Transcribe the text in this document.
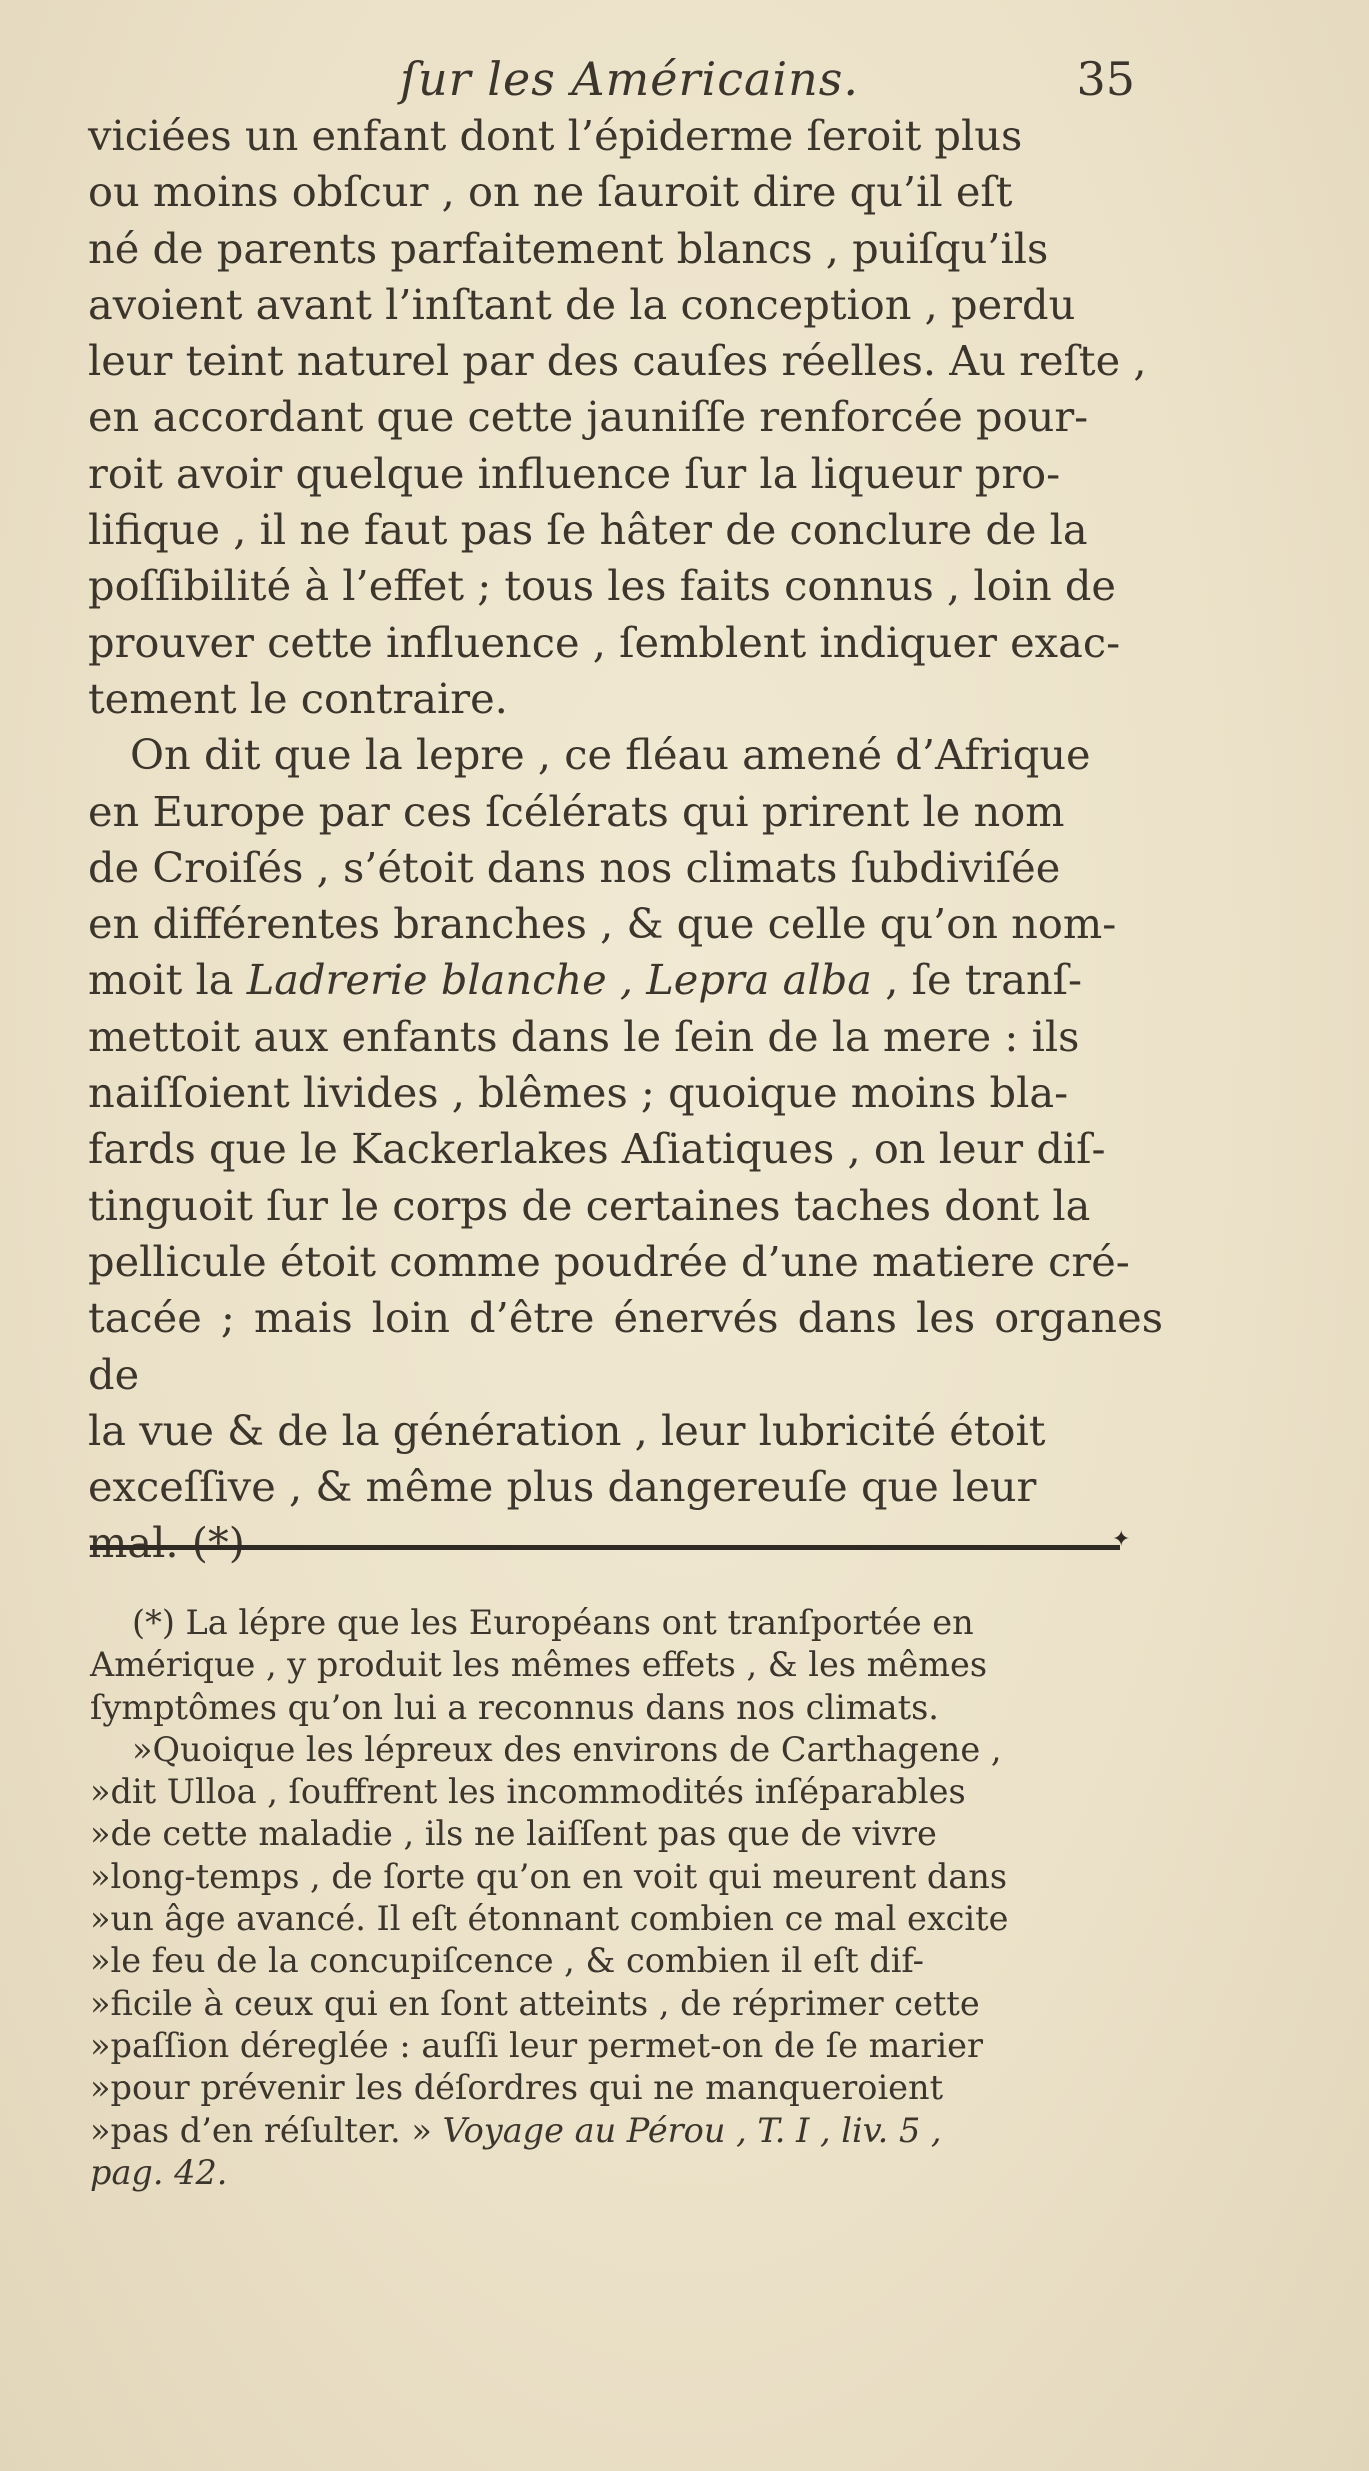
ſur les Américains.	35

viciées un enfant dont l’épiderme ſeroit plus
ou moins obſcur , on ne ſauroit dire qu’il eſt
né de parents parfaitement blancs , puiſqu’ils
avoient avant l’inſtant de la conception , perdu
leur teint naturel par des cauſes réelles. Au reſte ,
en accordant que cette jauniſſe renforcée pour-
roit avoir quelque influence ſur la liqueur pro-
lifique , il ne faut pas ſe hâter de conclure de la
poſſibilité à l’effet ; tous les faits connus , loin de
prouver cette influence , ſemblent indiquer exac-
tement le contraire.

On dit que la lepre , ce fléau amené d’Afrique
en Europe par ces ſcélérats qui prirent le nom
de Croiſés , s’étoit dans nos climats ſubdiviſée
en différentes branches , & que celle qu’on nom-
moit la Ladrerie blanche , Lepra alba , ſe tranſ-
mettoit aux enfants dans le ſein de la mere : ils
naiſſoient livides , blêmes ; quoique moins bla-
fards que le Kackerlakes Aſiatiques , on leur diſ-
tinguoit ſur le corps de certaines taches dont la
pellicule étoit comme poudrée d’une matiere cré-
tacée ; mais loin d’être énervés dans les organes de
la vue & de la génération , leur lubricité étoit
exceſſive , & même plus dangereuſe que leur
mal. (*)	✦

(*) La lépre que les Européans ont tranſportée en
Amérique , y produit les mêmes effets , & les mêmes
ſymptômes qu’on lui a reconnus dans nos climats.

»Quoique les lépreux des environs de Carthagene ,
»dit Ulloa , ſouffrent les incommodités inſéparables
»de cette maladie , ils ne laiſſent pas que de vivre
»long-temps , de ſorte qu’on en voit qui meurent dans
»un âge avancé. Il eſt étonnant combien ce mal excite
»le feu de la concupiſcence , & combien il eſt dif-
»ficile à ceux qui en ſont atteints , de réprimer cette
»paſſion déreglée : auſſi leur permet-on de ſe marier
»pour prévenir les déſordres qui ne manqueroient
»pas d’en réſulter. » Voyage au Pérou , T. I , liv. 5 ,
pag. 42.
